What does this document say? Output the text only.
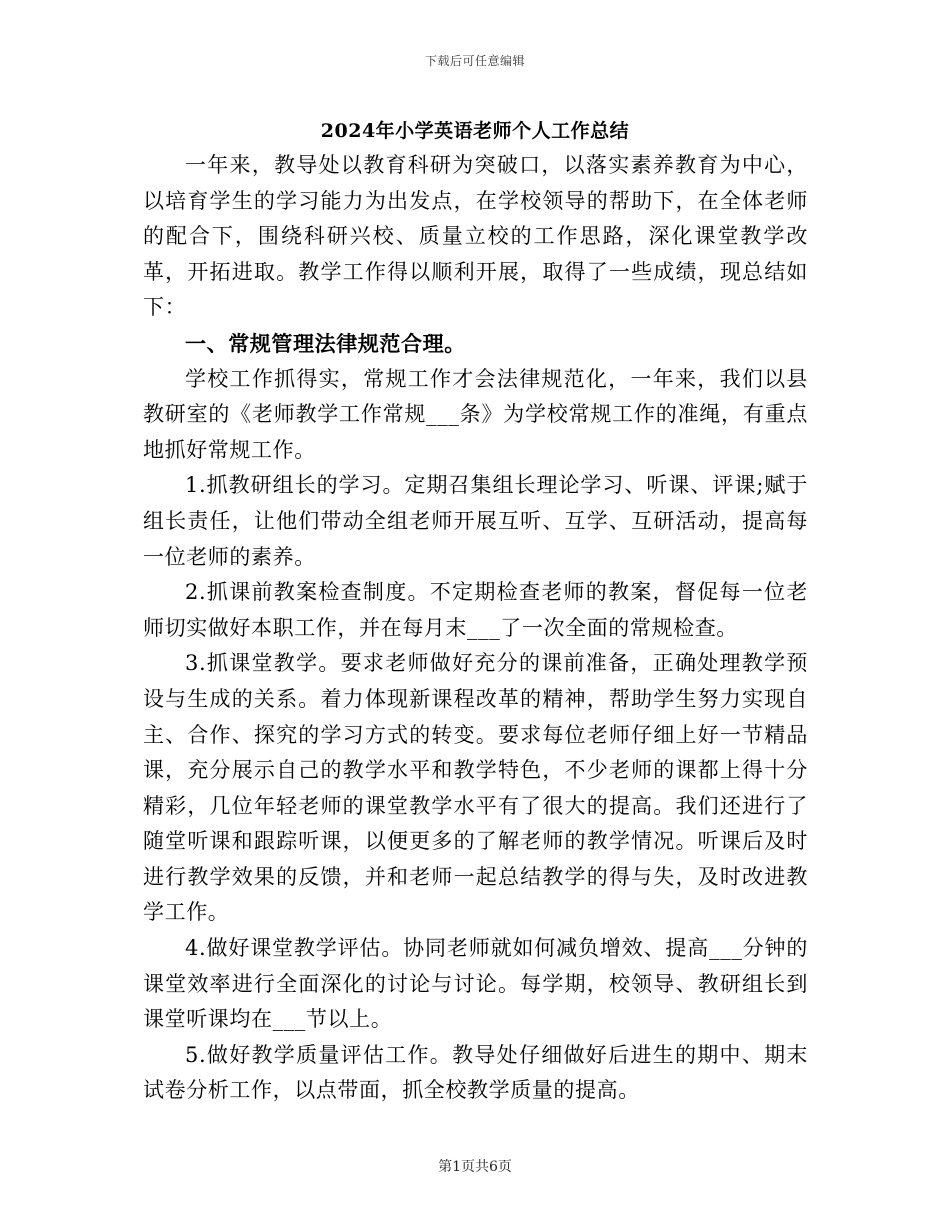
下载后可任意编辑
2024年小学英语老师个人工作总结

一年来，教导处以教育科研为突破口，以落实素养教育为中心，以培育学生的学习能力为出发点，在学校领导的帮助下，在全体老师的配合下，围绕科研兴校、质量立校的工作思路，深化课堂教学改革，开拓进取。教学工作得以顺利开展，取得了一些成绩，现总结如下：

一、常规管理法律规范合理。

学校工作抓得实，常规工作才会法律规范化，一年来，我们以县教研室的《老师教学工作常规___条》为学校常规工作的准绳，有重点地抓好常规工作。

1.抓教研组长的学习。定期召集组长理论学习、听课、评课;赋于组长责任，让他们带动全组老师开展互听、互学、互研活动，提高每一位老师的素养。

2.抓课前教案检查制度。不定期检查老师的教案，督促每一位老师切实做好本职工作，并在每月末___了一次全面的常规检查。

3.抓课堂教学。要求老师做好充分的课前准备，正确处理教学预设与生成的关系。着力体现新课程改革的精神，帮助学生努力实现自主、合作、探究的学习方式的转变。要求每位老师仔细上好一节精品课，充分展示自己的教学水平和教学特色，不少老师的课都上得十分精彩，几位年轻老师的课堂教学水平有了很大的提高。我们还进行了随堂听课和跟踪听课，以便更多的了解老师的教学情况。听课后及时进行教学效果的反馈，并和老师一起总结教学的得与失，及时改进教学工作。

4.做好课堂教学评估。协同老师就如何减负增效、提高___分钟的课堂效率进行全面深化的讨论与讨论。每学期，校领导、教研组长到课堂听课均在___节以上。

5.做好教学质量评估工作。教导处仔细做好后进生的期中、期末试卷分析工作，以点带面，抓全校教学质量的提高。

第1页共6页
